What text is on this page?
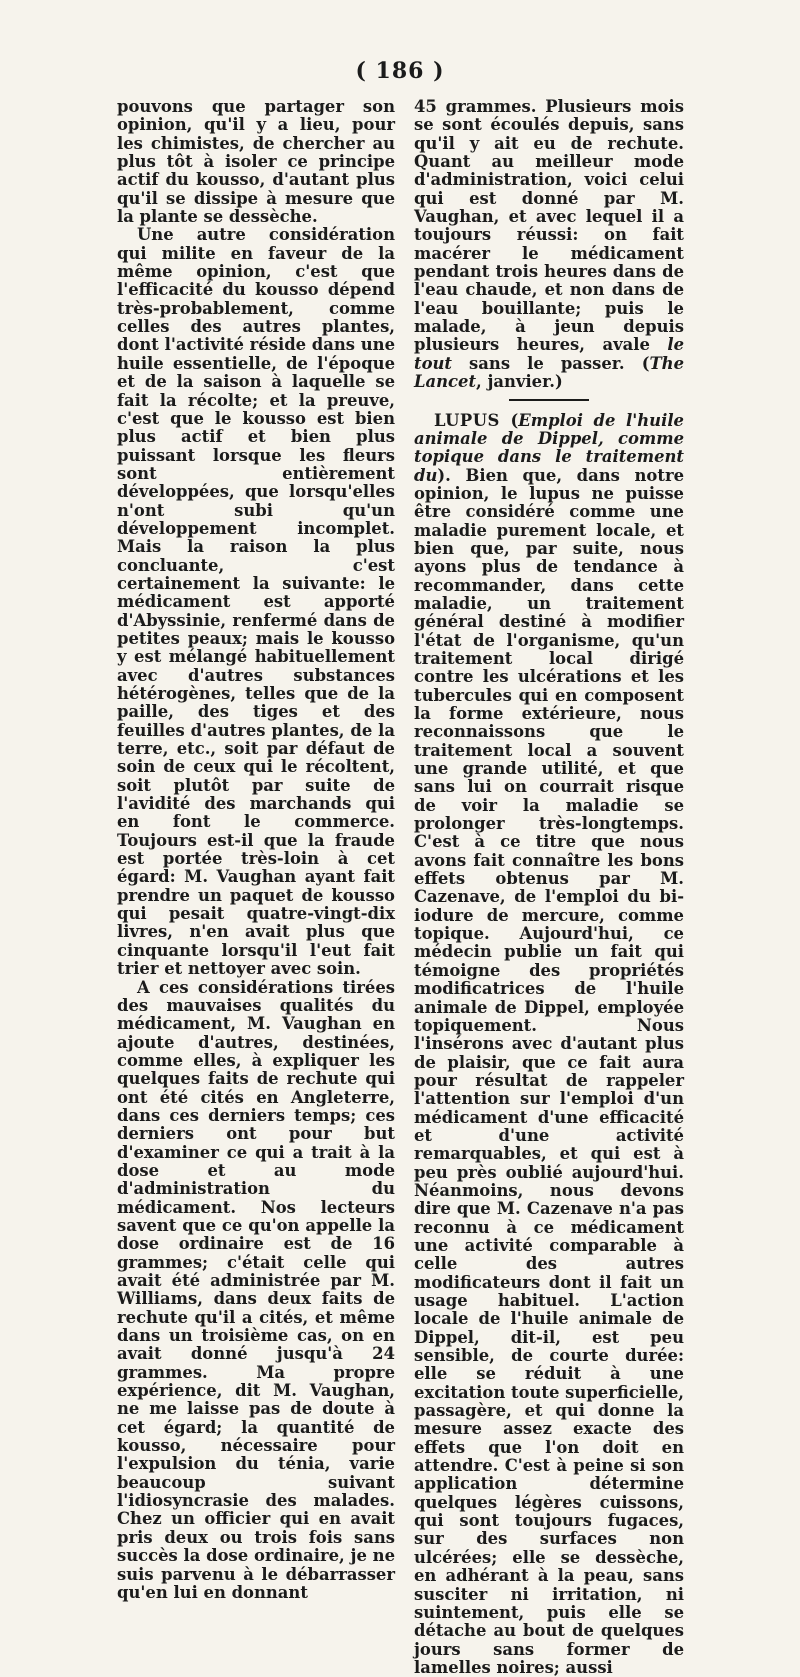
( 186 )

pouvons que partager son opinion, qu'il y a lieu, pour les chimistes, de chercher au plus tôt à isoler ce principe actif du kousso, d'autant plus qu'il se dissipe à mesure que la plante se dessèche.

Une autre considération qui milite en faveur de la même opinion, c'est que l'efficacité du kousso dépend très-probablement, comme celles des autres plantes, dont l'activité réside dans une huile essentielle, de l'époque et de la saison à laquelle se fait la récolte; et la preuve, c'est que le kousso est bien plus actif et bien plus puissant lorsque les fleurs sont entièrement développées, que lorsqu'elles n'ont subi qu'un développement incomplet. Mais la raison la plus concluante, c'est certainement la suivante: le médicament est apporté d'Abyssinie, renfermé dans de petites peaux; mais le kousso y est mélangé habituellement avec d'autres substances hétérogènes, telles que de la paille, des tiges et des feuilles d'autres plantes, de la terre, etc., soit par défaut de soin de ceux qui le récoltent, soit plutôt par suite de l'avidité des marchands qui en font le commerce. Toujours est-il que la fraude est portée très-loin à cet égard: M. Vaughan ayant fait prendre un paquet de kousso qui pesait quatre-vingt-dix livres, n'en avait plus que cinquante lorsqu'il l'eut fait trier et nettoyer avec soin.

A ces considérations tirées des mauvaises qualités du médicament, M. Vaughan en ajoute d'autres, destinées, comme elles, à expliquer les quelques faits de rechute qui ont été cités en Angleterre, dans ces derniers temps; ces derniers ont pour but d'examiner ce qui a trait à la dose et au mode d'administration du médicament. Nos lecteurs savent que ce qu'on appelle la dose ordinaire est de 16 grammes; c'était celle qui avait été administrée par M. Williams, dans deux faits de rechute qu'il a cités, et même dans un troisième cas, on en avait donné jusqu'à 24 grammes. Ma propre expérience, dit M. Vaughan, ne me laisse pas de doute à cet égard; la quantité de kousso, nécessaire pour l'expulsion du ténia, varie beaucoup suivant l'idiosyncrasie des malades. Chez un officier qui en avait pris deux ou trois fois sans succès la dose ordinaire, je ne suis parvenu à le débarrasser qu'en lui en donnant

45 grammes. Plusieurs mois se sont écoulés depuis, sans qu'il y ait eu de rechute. Quant au meilleur mode d'administration, voici celui qui est donné par M. Vaughan, et avec lequel il a toujours réussi: on fait macérer le médicament pendant trois heures dans de l'eau chaude, et non dans de l'eau bouillante; puis le malade, à jeun depuis plusieurs heures, avale le tout sans le passer. (The Lancet, janvier.)

LUPUS (Emploi de l'huile animale de Dippel, comme topique dans le traitement du). Bien que, dans notre opinion, le lupus ne puisse être considéré comme une maladie purement locale, et bien que, par suite, nous ayons plus de tendance à recommander, dans cette maladie, un traitement général destiné à modifier l'état de l'organisme, qu'un traitement local dirigé contre les ulcérations et les tubercules qui en composent la forme extérieure, nous reconnaissons que le traitement local a souvent une grande utilité, et que sans lui on courrait risque de voir la maladie se prolonger très-longtemps. C'est à ce titre que nous avons fait connaître les bons effets obtenus par M. Cazenave, de l'emploi du bi-iodure de mercure, comme topique. Aujourd'hui, ce médecin publie un fait qui témoigne des propriétés modificatrices de l'huile animale de Dippel, employée topiquement. Nous l'insérons avec d'autant plus de plaisir, que ce fait aura pour résultat de rappeler l'attention sur l'emploi d'un médicament d'une efficacité et d'une activité remarquables, et qui est à peu près oublié aujourd'hui. Néanmoins, nous devons dire que M. Cazenave n'a pas reconnu à ce médicament une activité comparable à celle des autres modificateurs dont il fait un usage habituel. L'action locale de l'huile animale de Dippel, dit-il, est peu sensible, de courte durée: elle se réduit à une excitation toute superficielle, passagère, et qui donne la mesure assez exacte des effets que l'on doit en attendre. C'est à peine si son application détermine quelques légères cuissons, qui sont toujours fugaces, sur des surfaces non ulcérées; elle se dessèche, en adhérant à la peau, sans susciter ni irritation, ni suintement, puis elle se détache au bout de quelques jours sans former de lamelles noires; aussi
